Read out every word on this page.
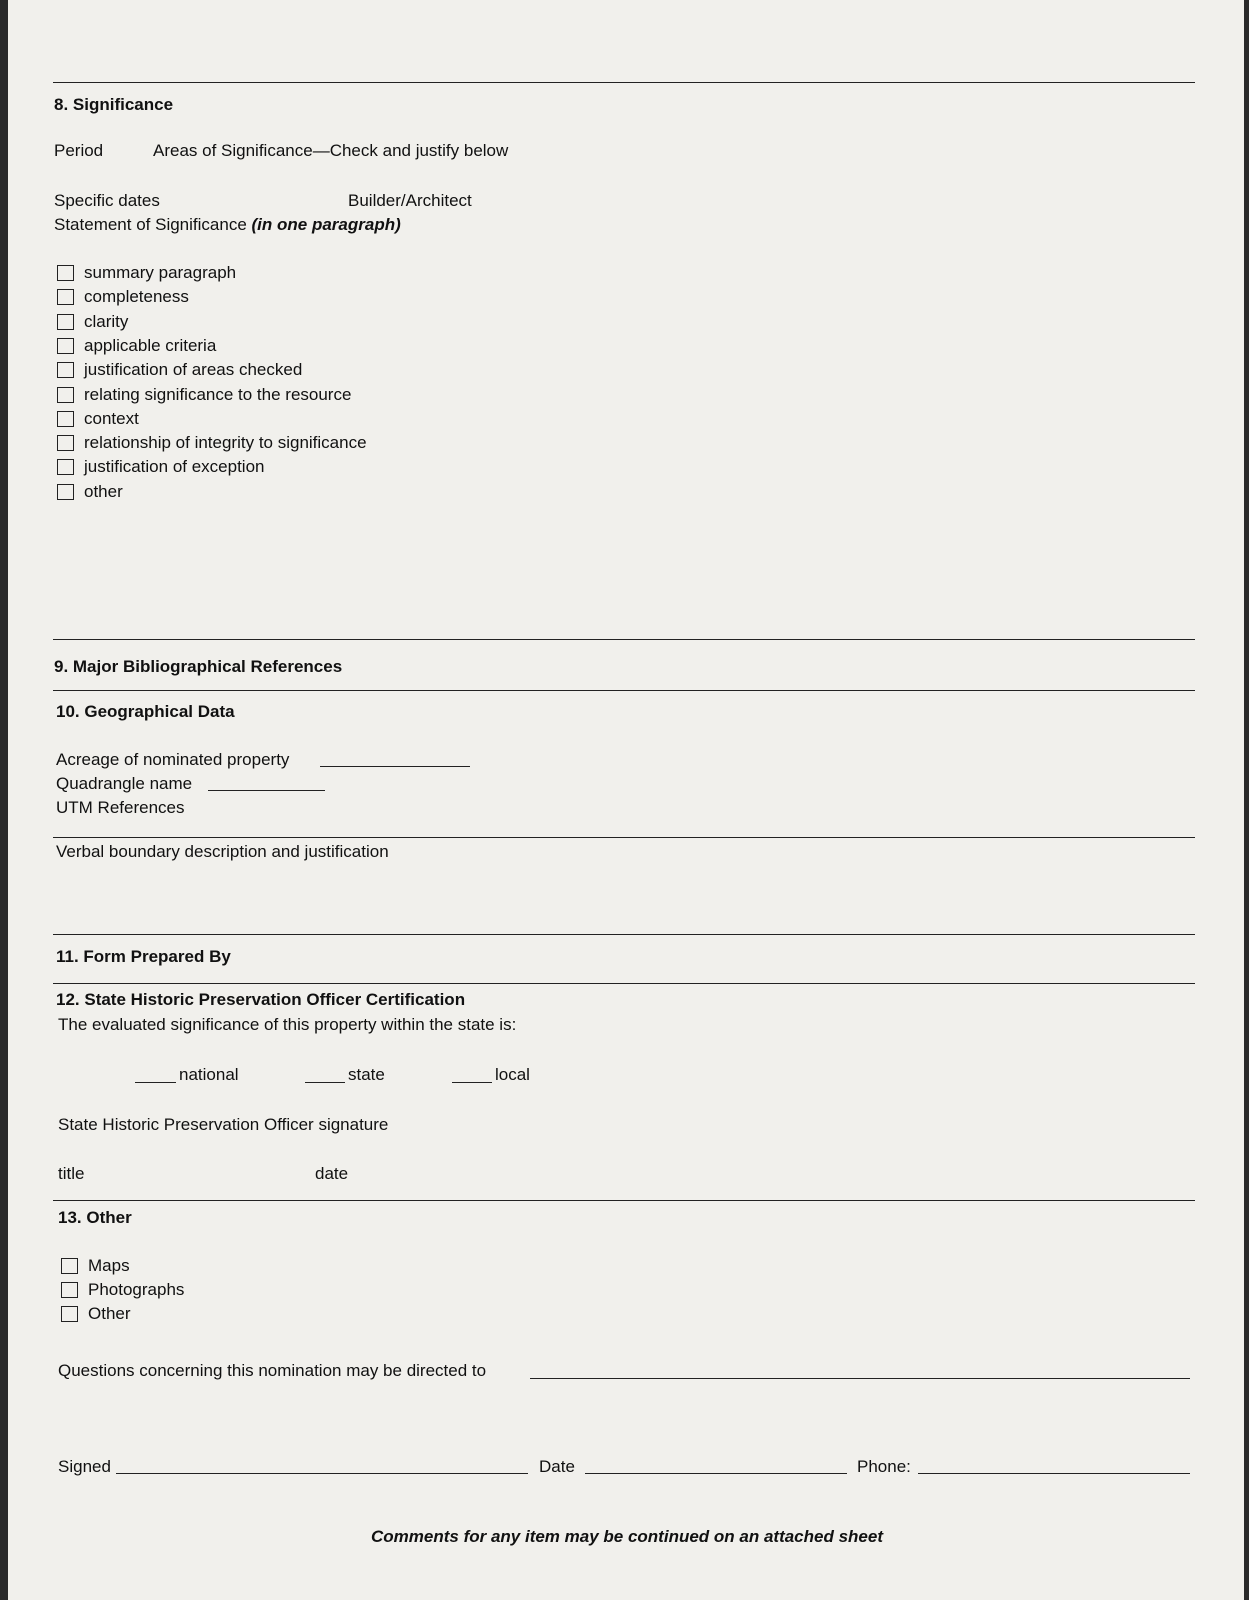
8. Significance
Period	Areas of Significance—Check and justify below
Specific dates	Builder/Architect
Statement of Significance (in one paragraph)
summary paragraph
completeness
clarity
applicable criteria
justification of areas checked
relating significance to the resource
context
relationship of integrity to significance
justification of exception
other
9. Major Bibliographical References
10. Geographical Data
Acreage of nominated property
Quadrangle name
UTM References
Verbal boundary description and justification
11. Form Prepared By
12. State Historic Preservation Officer Certification
The evaluated significance of this property within the state is:
national	state	local
State Historic Preservation Officer signature
title	date
13. Other
Maps
Photographs
Other
Questions concerning this nomination may be directed to
Signed	Date	Phone:
Comments for any item may be continued on an attached sheet
